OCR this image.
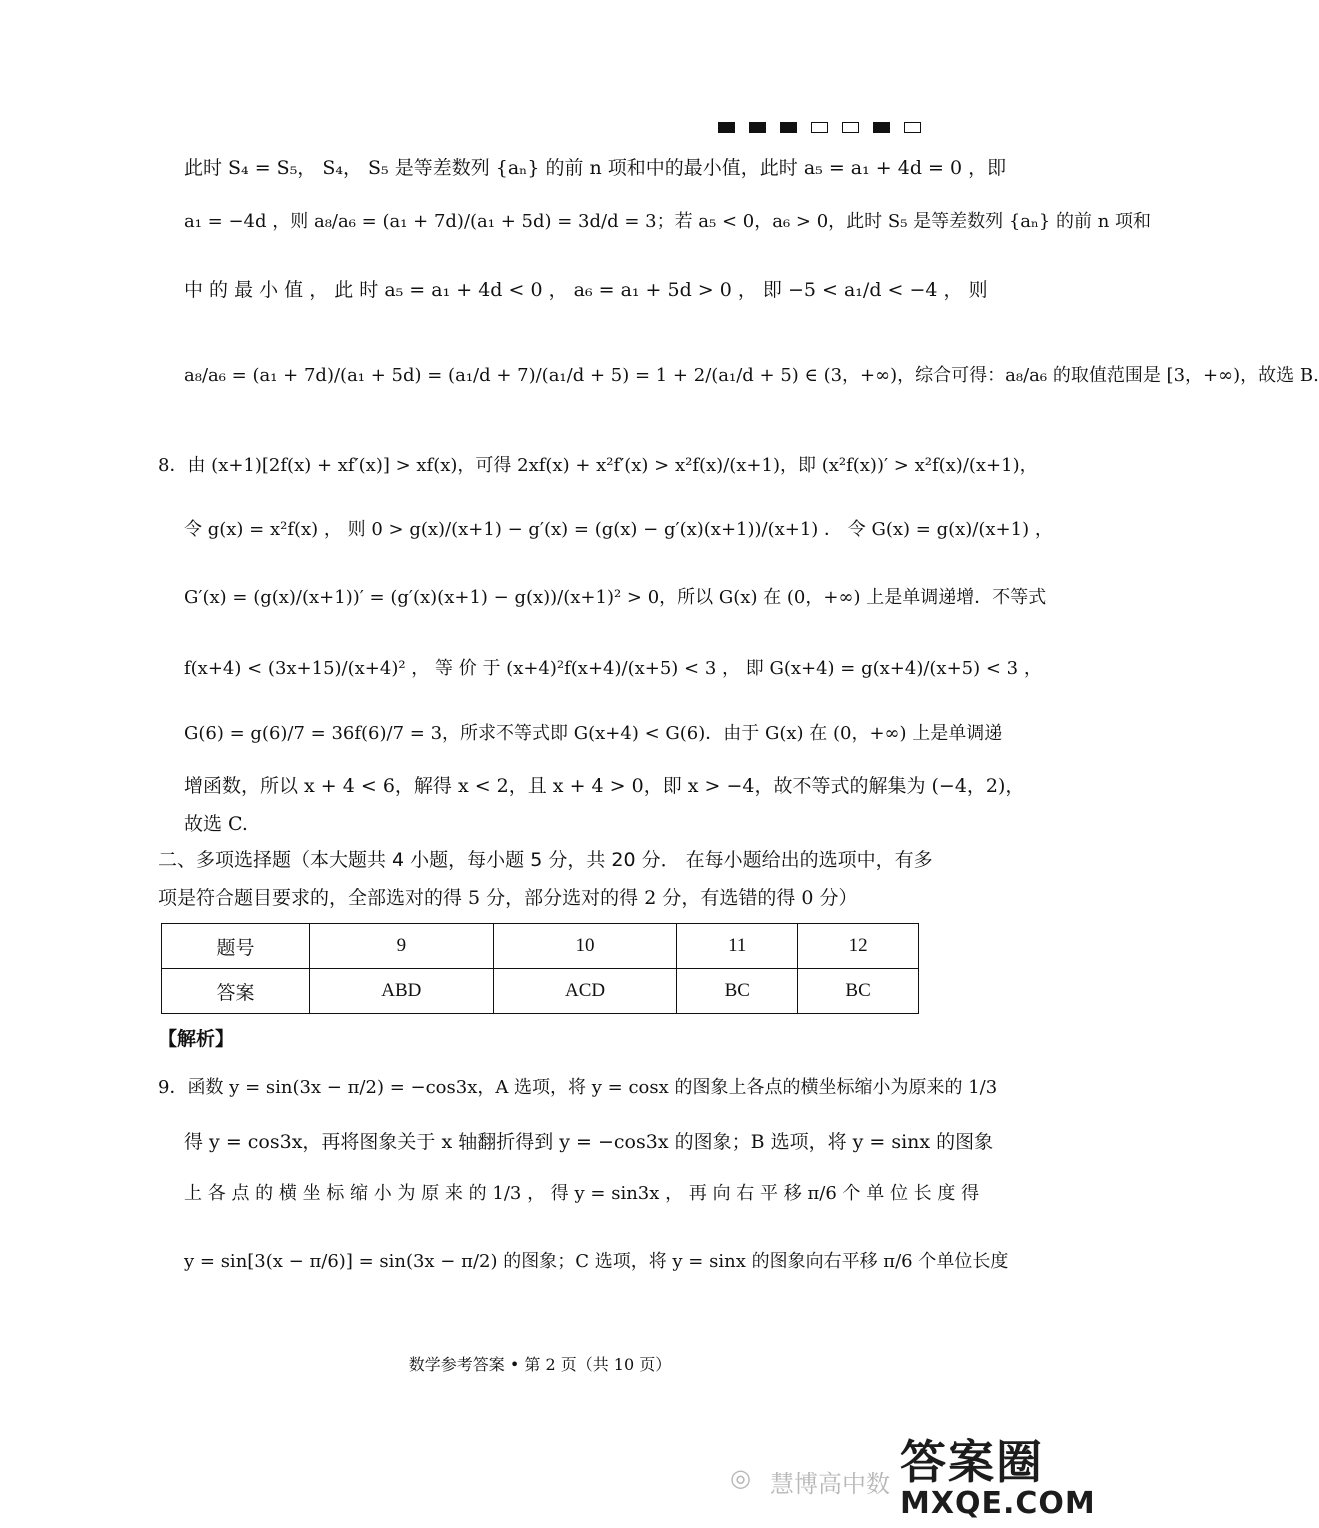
此时 S₄ = S₅， S₄， S₅ 是等差数列 {aₙ} 的前 n 项和中的最小值，此时 a₅ = a₁ + 4d = 0 ，即
a₁ = −4d ，则 a₈/a₆ = (a₁ + 7d)/(a₁ + 5d) = 3d/d = 3；若 a₅ < 0，a₆ > 0，此时 S₅ 是等差数列 {aₙ} 的前 n 项和
中 的 最 小 值 ， 此 时 a₅ = a₁ + 4d < 0 ， a₆ = a₁ + 5d > 0 ， 即 −5 < a₁/d < −4 ， 则
a₈/a₆ = (a₁ + 7d)/(a₁ + 5d) = (a₁/d + 7)/(a₁/d + 5) = 1 + 2/(a₁/d + 5) ∈ (3，+∞)，综合可得：a₈/a₆ 的取值范围是 [3，+∞)，故选 B.
8．由 (x+1)[2f(x) + xf′(x)] > xf(x)，可得 2xf(x) + x²f′(x) > x²f(x)/(x+1)，即 (x²f(x))′ > x²f(x)/(x+1)，
令 g(x) = x²f(x) ， 则 0 > g(x)/(x+1) − g′(x) = (g(x) − g′(x)(x+1))/(x+1) ． 令 G(x) = g(x)/(x+1) ，
G′(x) = (g(x)/(x+1))′ = (g′(x)(x+1) − g(x))/(x+1)² > 0，所以 G(x) 在 (0，+∞) 上是单调递增．不等式
f(x+4) < (3x+15)/(x+4)² ， 等 价 于 (x+4)²f(x+4)/(x+5) < 3 ， 即 G(x+4) = g(x+4)/(x+5) < 3 ，
G(6) = g(6)/7 = 36f(6)/7 = 3，所求不等式即 G(x+4) < G(6)．由于 G(x) 在 (0，+∞) 上是单调递
增函数，所以 x + 4 < 6，解得 x < 2，且 x + 4 > 0，即 x > −4，故不等式的解集为 (−4，2)，
故选 C.
二、多项选择题（本大题共 4 小题，每小题 5 分，共 20 分． 在每小题给出的选项中，有多
项是符合题目要求的，全部选对的得 5 分，部分选对的得 2 分，有选错的得 0 分）
题号	9	10	11	12
答案	ABD	ACD	BC	BC
【解析】
9．函数 y = sin(3x − π/2) = −cos3x，A 选项，将 y = cosx 的图象上各点的横坐标缩小为原来的 1/3
得 y = cos3x，再将图象关于 x 轴翻折得到 y = −cos3x 的图象；B 选项，将 y = sinx 的图象
上 各 点 的 横 坐 标 缩 小 为 原 来 的 1/3 ， 得 y = sin3x ， 再 向 右 平 移 π/6 个 单 位 长 度 得
y = sin[3(x − π/6)] = sin(3x − π/2) 的图象；C 选项，将 y = sinx 的图象向右平移 π/6 个单位长度
数学参考答案 • 第 2 页（共 10 页）
◎ 慧博高中数 答案圈
MXQE.COM
